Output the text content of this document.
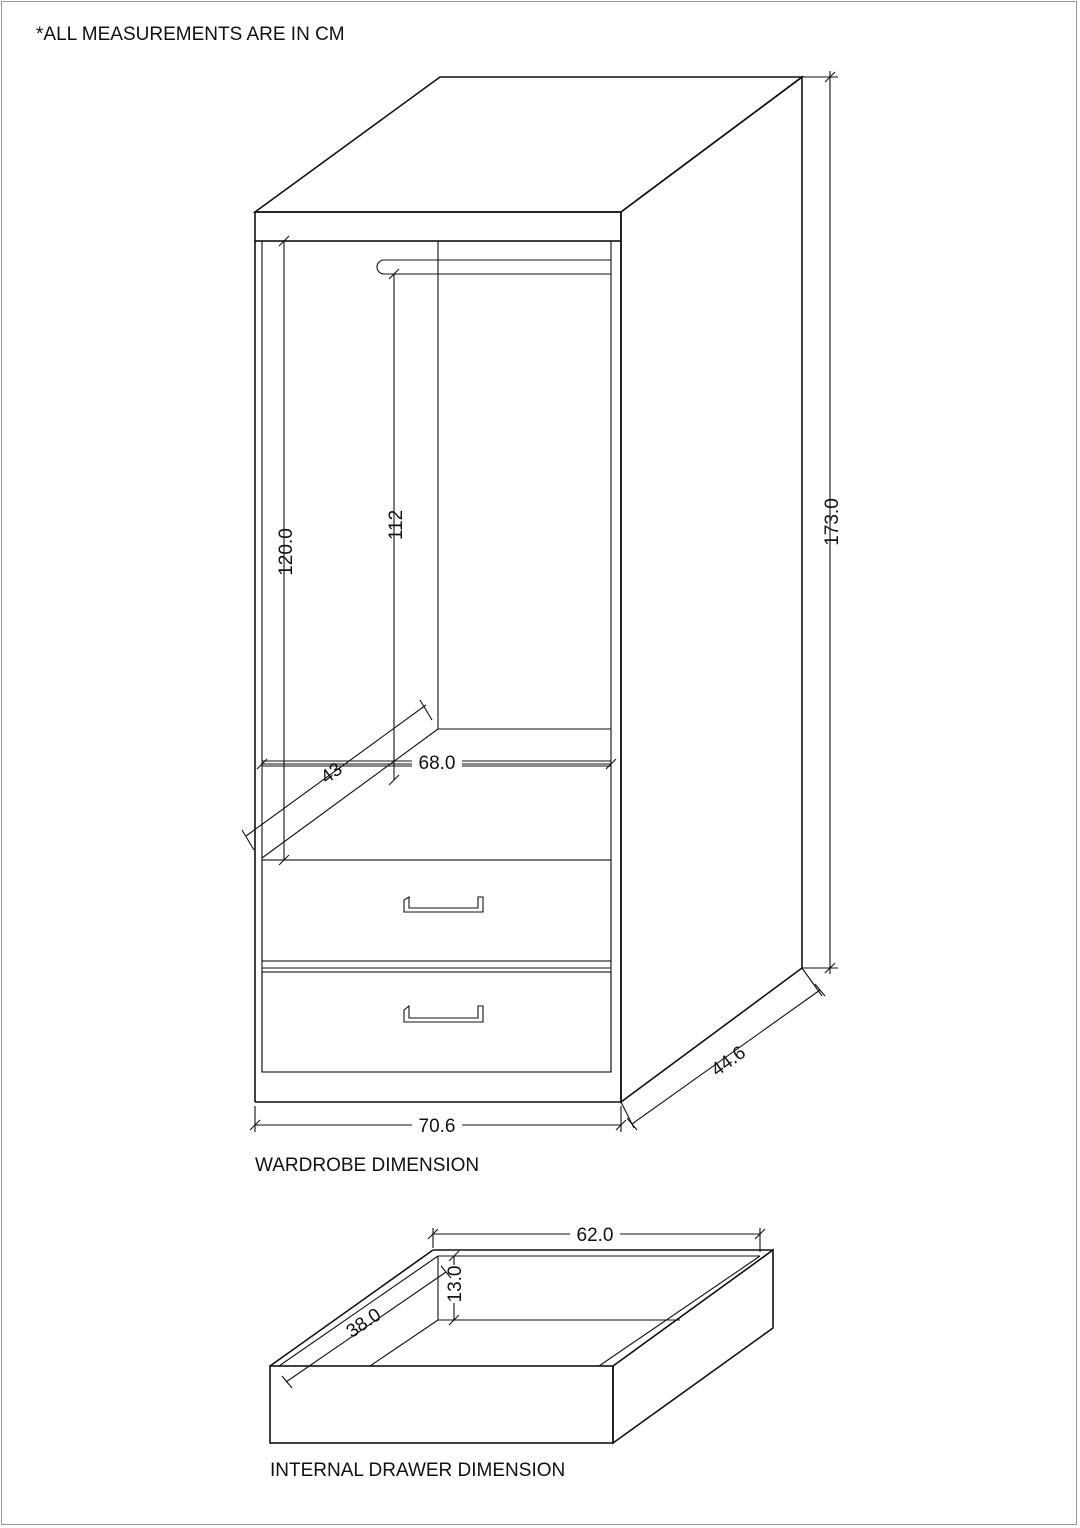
*ALL MEASUREMENTS ARE IN CM
173.0
120.0
112
43	68.0
70.6
44.6
WARDROBE DIMENSION
62.0
13.0
38.0
INTERNAL DRAWER DIMENSION
